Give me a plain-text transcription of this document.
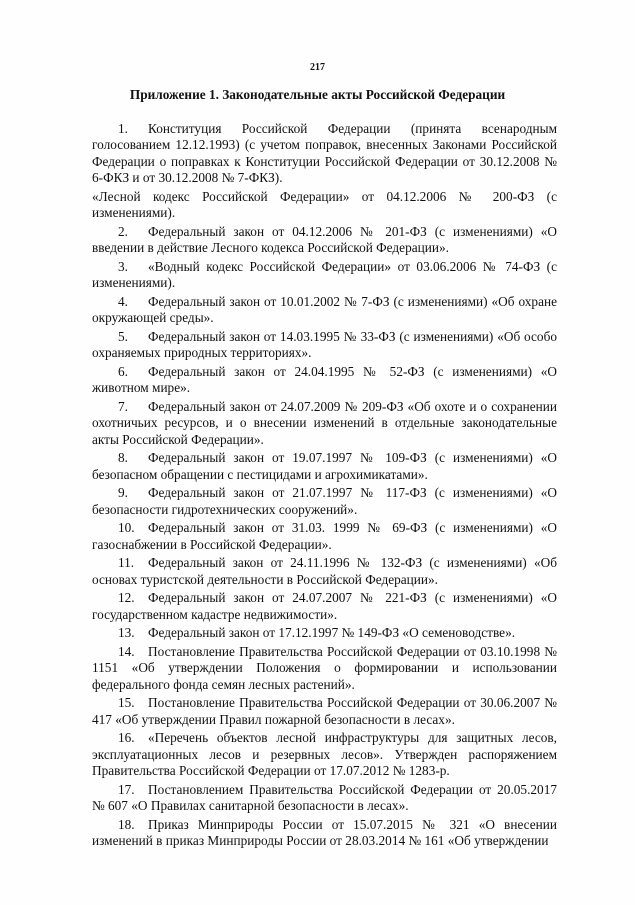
217
Приложение 1. Законодательные акты Российской Федерации
1. Конституция Российской Федерации (принята всенародным голосованием 12.12.1993) (с учетом поправок, внесенных Законами Российской Федерации о поправках к Конституции Российской Федерации от 30.12.2008 № 6-ФКЗ и от 30.12.2008 № 7-ФКЗ).
«Лесной кодекс Российской Федерации» от 04.12.2006 № 200-ФЗ (с изменениями).
2. Федеральный закон от 04.12.2006 № 201-ФЗ (с изменениями) «О введении в действие Лесного кодекса Российской Федерации».
3. «Водный кодекс Российской Федерации» от 03.06.2006 № 74-ФЗ (с изменениями).
4. Федеральный закон от 10.01.2002 № 7-ФЗ (с изменениями) «Об охране окружающей среды».
5. Федеральный закон от 14.03.1995 № 33-ФЗ (с изменениями) «Об особо охраняемых природных территориях».
6. Федеральный закон от 24.04.1995 № 52-ФЗ (с изменениями) «О животном мире».
7. Федеральный закон от 24.07.2009 № 209-ФЗ «Об охоте и о сохранении охотничьих ресурсов, и о внесении изменений в отдельные законодательные акты Российской Федерации».
8. Федеральный закон от 19.07.1997 № 109-ФЗ (с изменениями) «О безопасном обращении с пестицидами и агрохимикатами».
9. Федеральный закон от 21.07.1997 № 117-ФЗ (с изменениями) «О безопасности гидротехнических сооружений».
10. Федеральный закон от 31.03. 1999 № 69-ФЗ (с изменениями) «О газоснабжении в Российской Федерации».
11. Федеральный закон от 24.11.1996 № 132-ФЗ (с изменениями) «Об основах туристской деятельности в Российской Федерации».
12. Федеральный закон от 24.07.2007 № 221-ФЗ (с изменениями) «О государственном кадастре недвижимости».
13. Федеральный закон от 17.12.1997 № 149-ФЗ «О семеноводстве».
14. Постановление Правительства Российской Федерации от 03.10.1998 № 1151 «Об утверждении Положения о формировании и использовании федерального фонда семян лесных растений».
15. Постановление Правительства Российской Федерации от 30.06.2007 № 417 «Об утверждении Правил пожарной безопасности в лесах».
16. «Перечень объектов лесной инфраструктуры для защитных лесов, эксплуатационных лесов и резервных лесов». Утвержден распоряжением Правительства Российской Федерации от 17.07.2012 № 1283-р.
17. Постановлением Правительства Российской Федерации от 20.05.2017 № 607 «О Правилах санитарной безопасности в лесах».
18. Приказ Минприроды России от 15.07.2015 № 321 «О внесении изменений в приказ Минприроды России от 28.03.2014 № 161 «Об утверждении
